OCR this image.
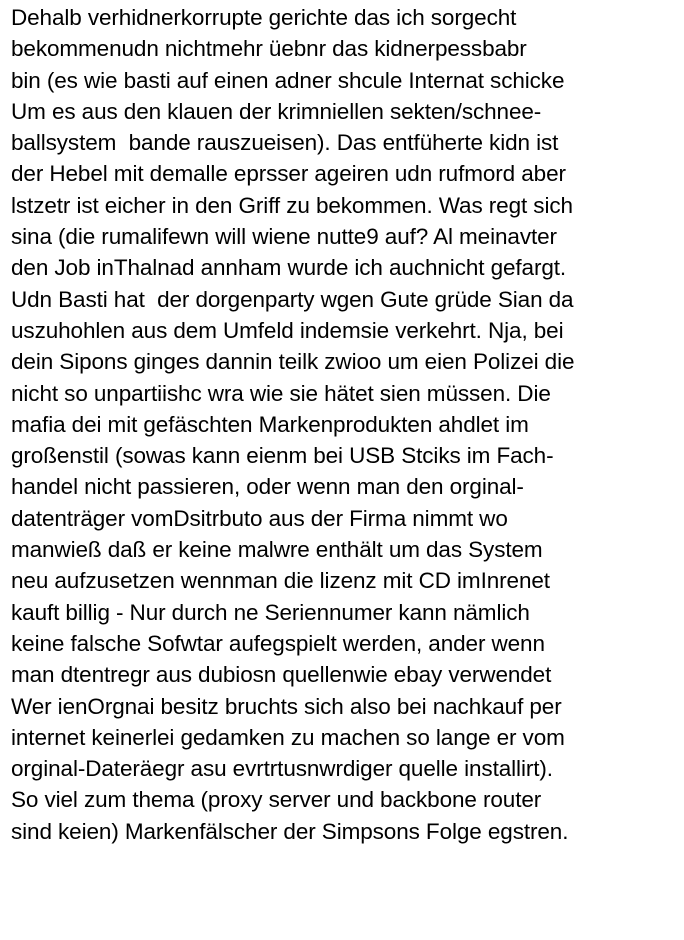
Dehalb verhidnerkorrupte gerichte das ich sorgecht
bekommenudn nichtmehr üebnr das kidnerpessbabr
bin (es wie basti auf einen adner shcule Internat schicke
Um es aus den klauen der krimniellen sekten/schnee-
ballsystem  bande rauszueisen). Das entfüherte kidn ist
der Hebel mit demalle eprsser ageiren udn rufmord aber
lstzetr ist eicher in den Griff zu bekommen. Was regt sich
sina (die rumalifewn will wiene nutte9 auf? Al meinavter
den Job inThalnad annham wurde ich auchnicht gefargt.
Udn Basti hat  der dorgenparty wgen Gute grüde Sian da
uszuhohlen aus dem Umfeld indemsie verkehrt. Nja, bei
dein Sipons ginges dannin teilk zwioo um eien Polizei die
nicht so unpartiishc wra wie sie hätet sien müssen. Die
mafia dei mit gefäschten Markenprodukten ahdlet im
großenstil (sowas kann eienm bei USB Stciks im Fach-
handel nicht passieren, oder wenn man den orginal-
datenträger vomDsitrbuto aus der Firma nimmt wo
manwieß daß er keine malwre enthält um das System
neu aufzusetzen wennman die lizenz mit CD imInrenet
kauft billig - Nur durch ne Seriennumer kann nämlich
keine falsche Sofwtar aufegspielt werden, ander wenn
man dtentregr aus dubiosn quellenwie ebay verwendet
Wer ienOrgnai besitz bruchts sich also bei nachkauf per
internet keinerlei gedamken zu machen so lange er vom
orginal-Dateräegr asu evrtrtusnwrdiger quelle installirt).
So viel zum thema (proxy server und backbone router
sind keien) Markenfälscher der Simpsons Folge egstren.
